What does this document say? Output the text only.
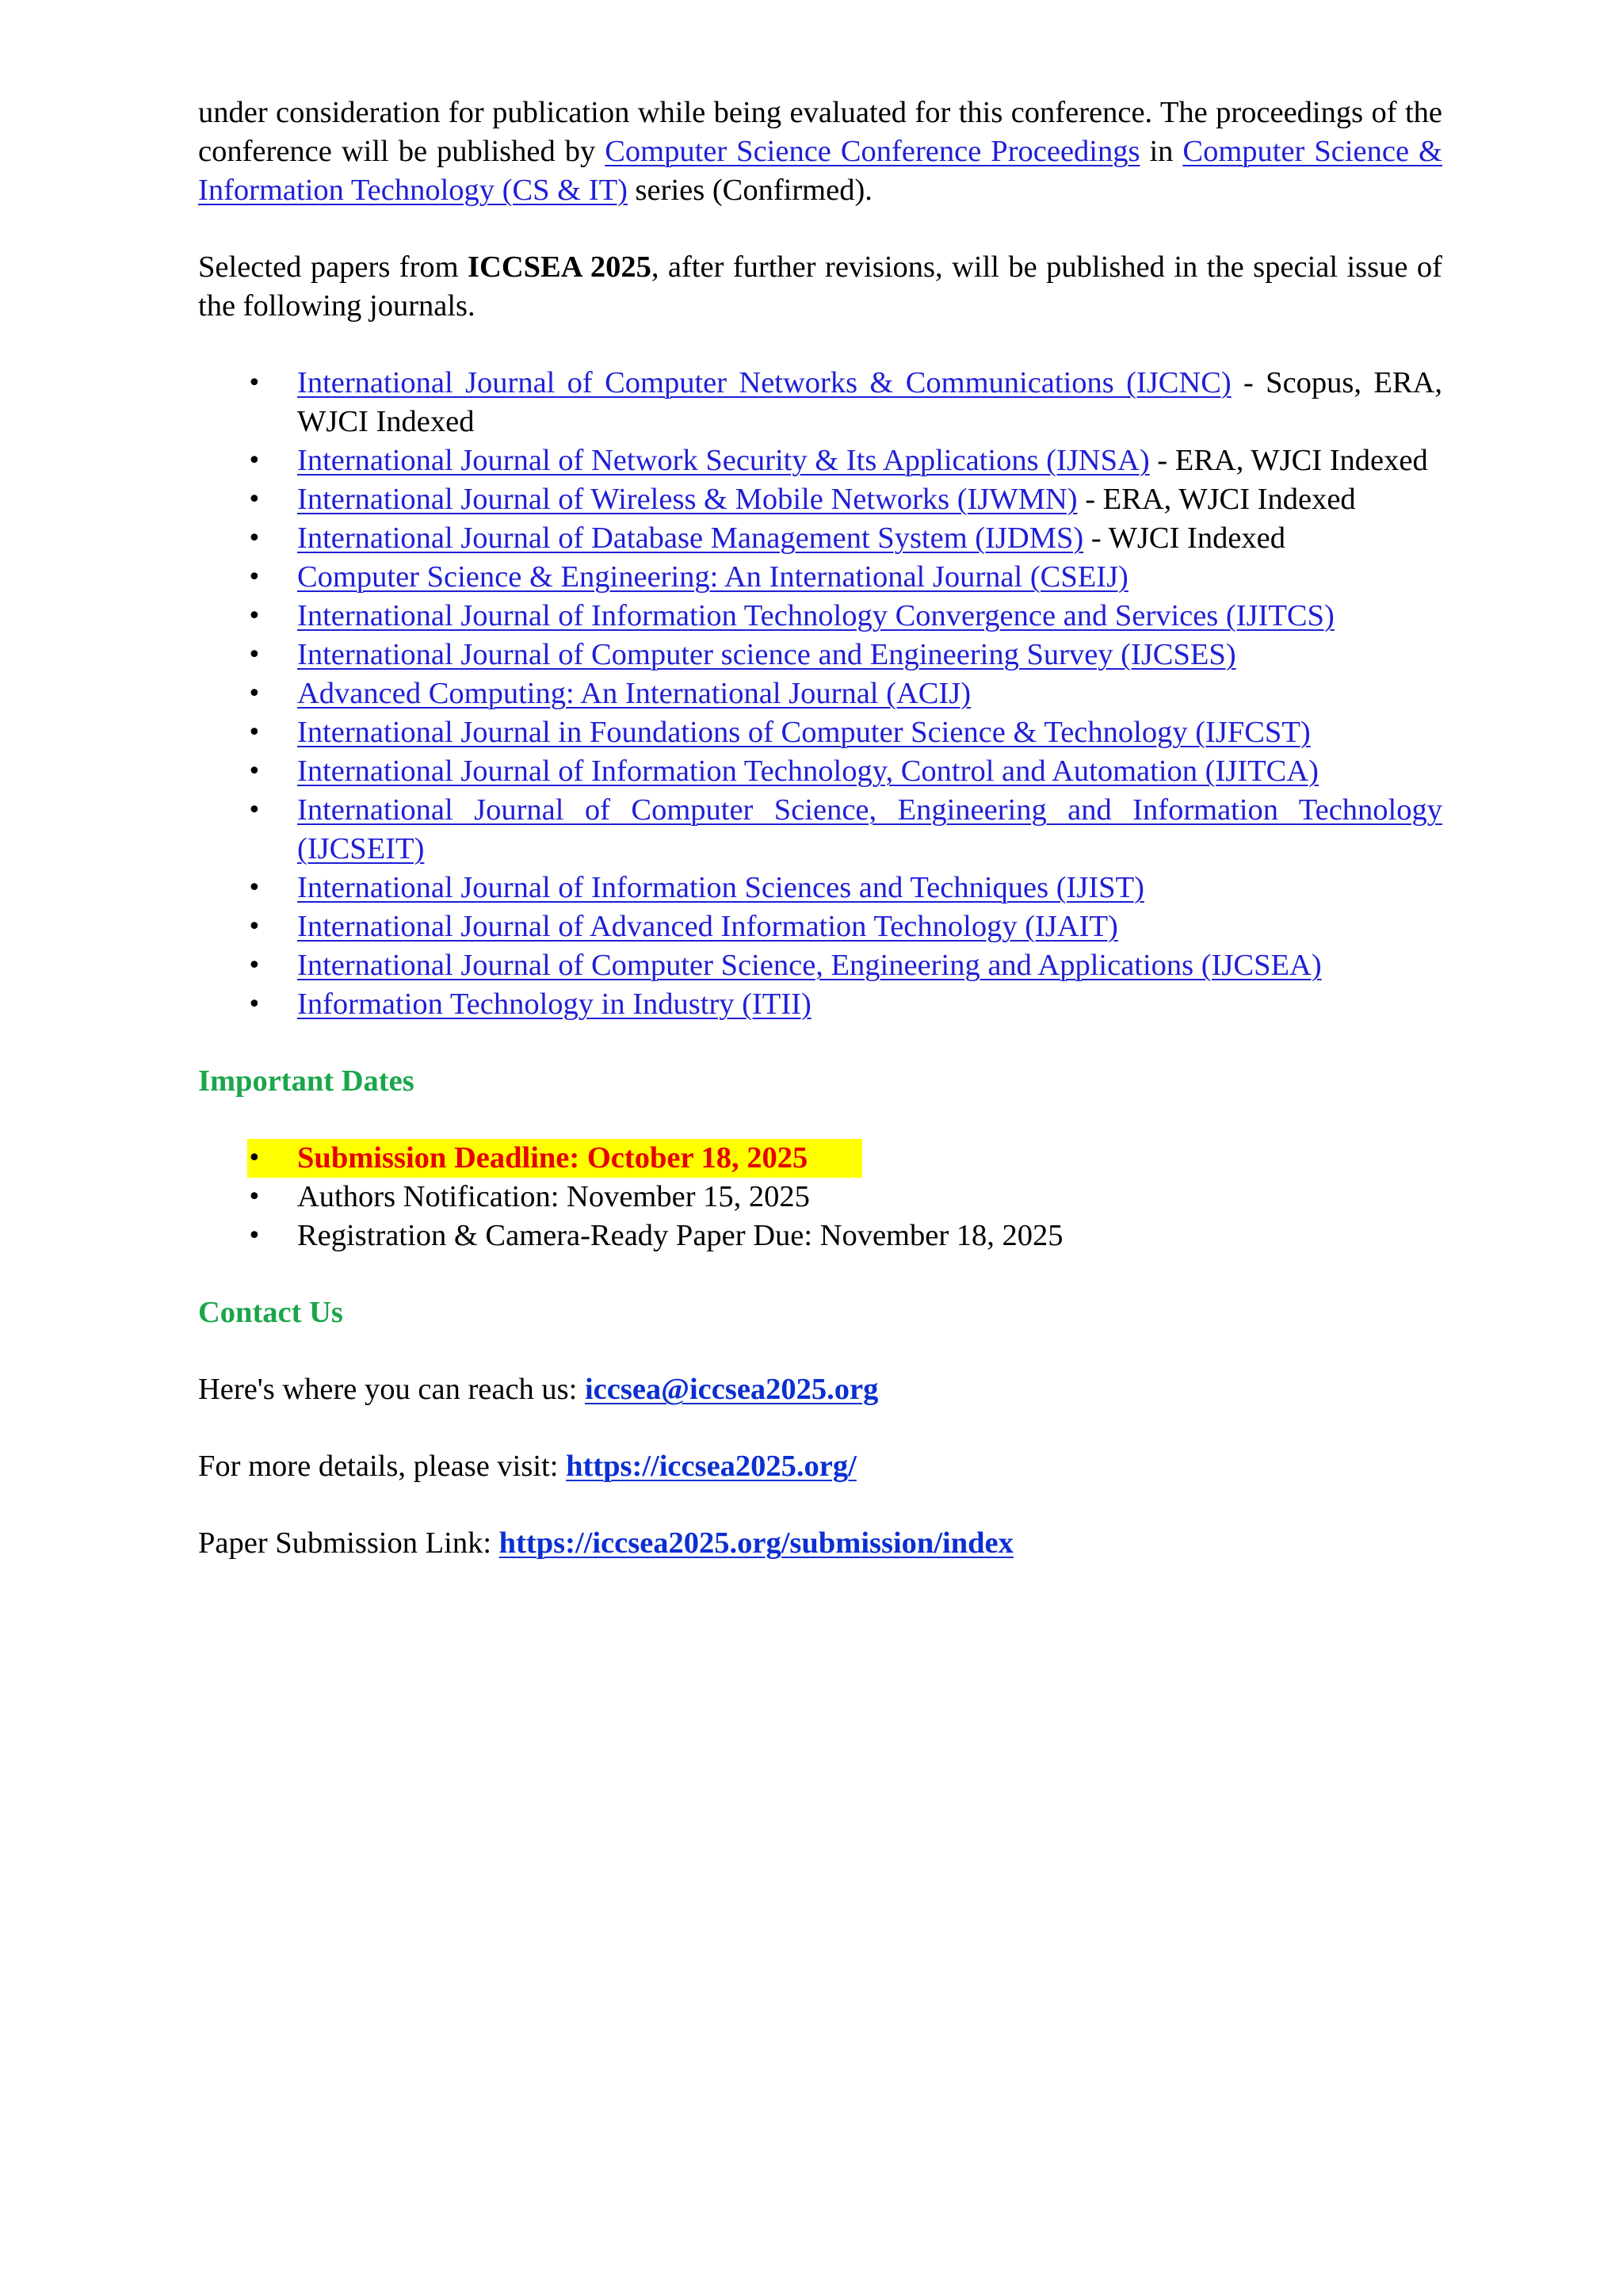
under consideration for publication while being evaluated for this conference. The proceedings of the conference will be published by Computer Science Conference Proceedings in Computer Science & Information Technology (CS & IT) series (Confirmed).

Selected papers from ICCSEA 2025, after further revisions, will be published in the special issue of the following journals.

•	International Journal of Computer Networks & Communications (IJCNC) - Scopus, ERA, WJCI Indexed
•	International Journal of Network Security & Its Applications (IJNSA) - ERA, WJCI Indexed
•	International Journal of Wireless & Mobile Networks (IJWMN) - ERA, WJCI Indexed
•	International Journal of Database Management System (IJDMS) - WJCI Indexed
•	Computer Science & Engineering: An International Journal (CSEIJ)
•	International Journal of Information Technology Convergence and Services (IJITCS)
•	International Journal of Computer science and Engineering Survey (IJCSES)
•	Advanced Computing: An International Journal (ACIJ)
•	International Journal in Foundations of Computer Science & Technology (IJFCST)
•	International Journal of Information Technology, Control and Automation (IJITCA)
•	International Journal of Computer Science, Engineering and Information Technology (IJCSEIT)
•	International Journal of Information Sciences and Techniques (IJIST)
•	International Journal of Advanced Information Technology (IJAIT)
•	International Journal of Computer Science, Engineering and Applications (IJCSEA)
•	Information Technology in Industry (ITII)
Important Dates
•	Submission Deadline: October 18, 2025
•	Authors Notification: November 15, 2025
•	Registration & Camera-Ready Paper Due: November 18, 2025
Contact Us

Here's where you can reach us: iccsea@iccsea2025.org

For more details, please visit: https://iccsea2025.org/

Paper Submission Link: https://iccsea2025.org/submission/index
